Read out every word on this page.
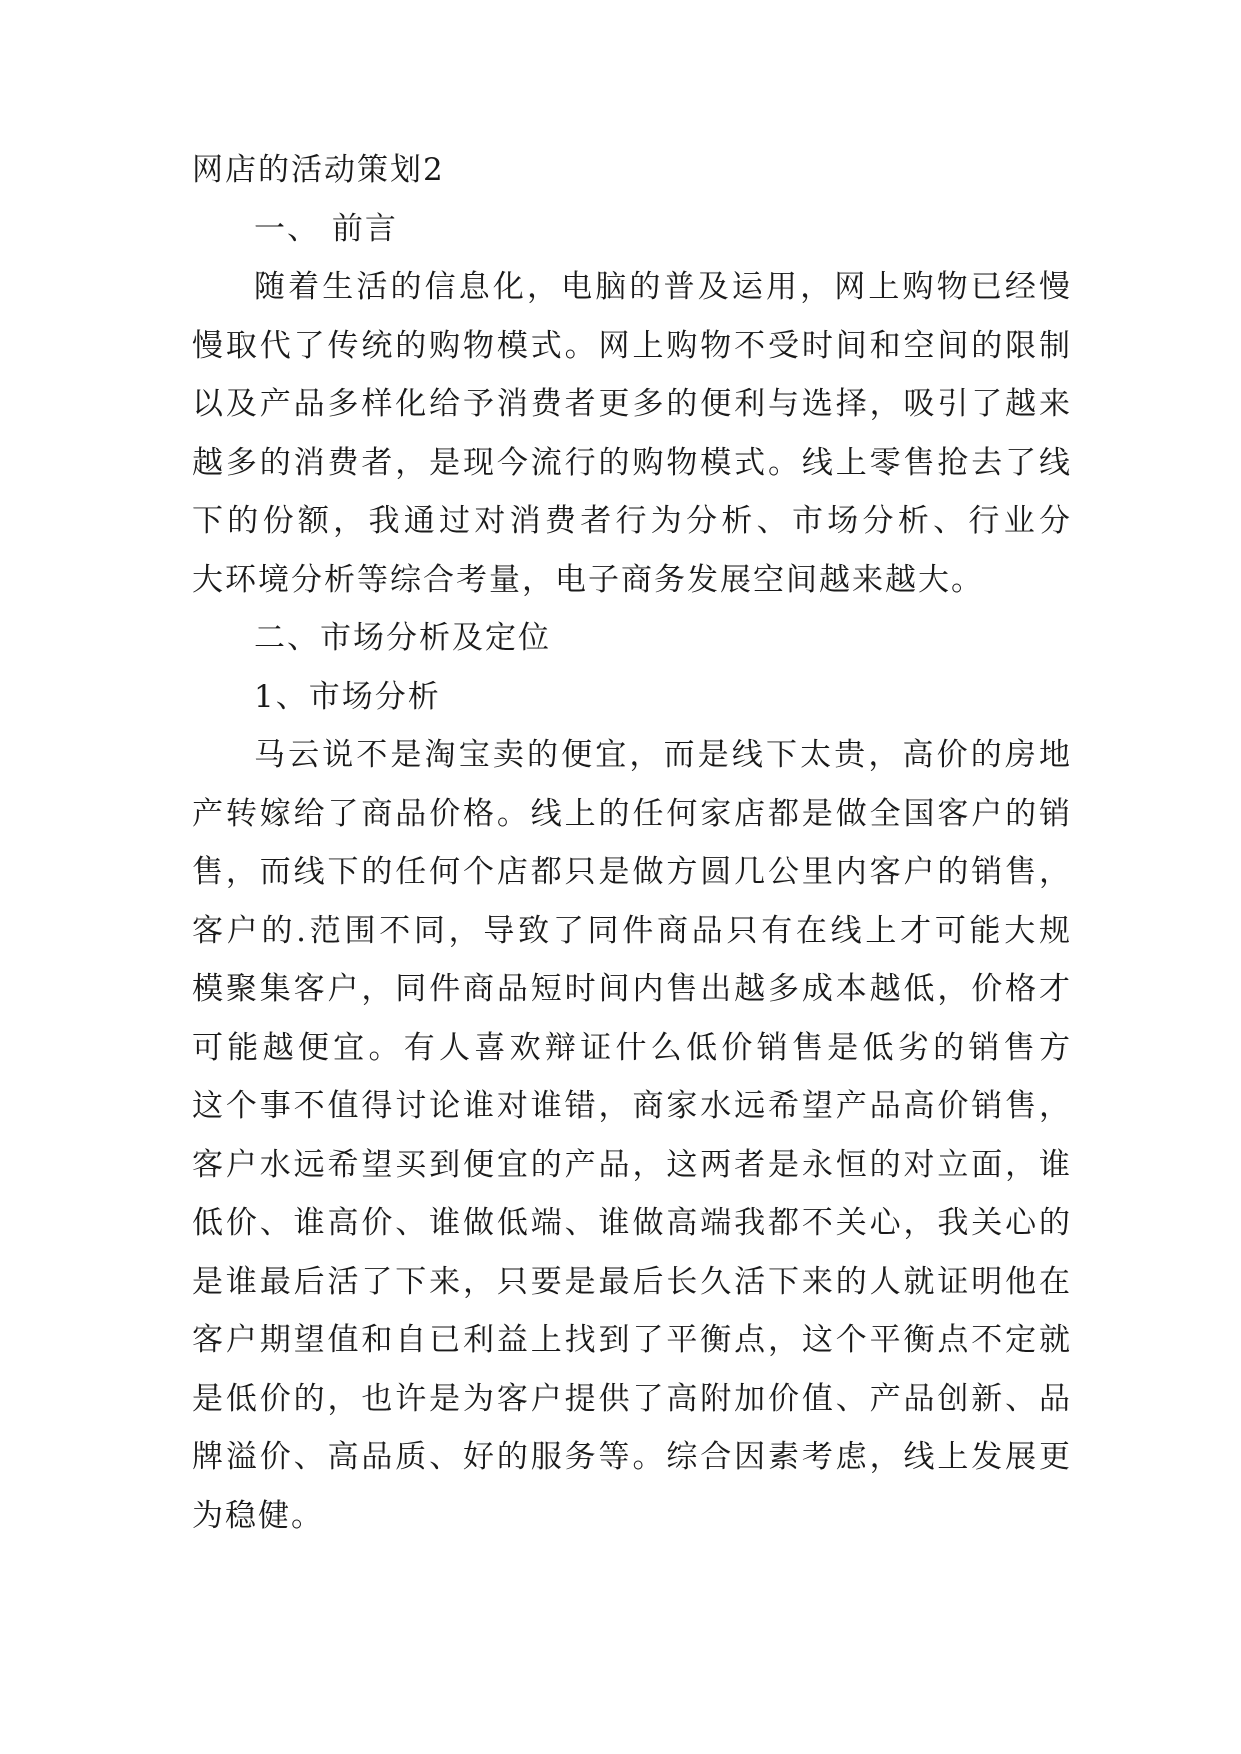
网店的活动策划2
一、 前言
随着生活的信息化，电脑的普及运用，网上购物已经慢
慢取代了传统的购物模式。网上购物不受时间和空间的限制
以及产品多样化给予消费者更多的便利与选择，吸引了越来
越多的消费者，是现今流行的购物模式。线上零售抢去了线
下的份额，我通过对消费者行为分析、市场分析、行业分
大环境分析等综合考量，电子商务发展空间越来越大。
二、市场分析及定位
1、市场分析
马云说不是淘宝卖的便宜，而是线下太贵，高价的房地
产转嫁给了商品价格。线上的任何家店都是做全国客户的销
售，而线下的任何个店都只是做方圆几公里内客户的销售，
客户的.范围不同，导致了同件商品只有在线上才可能大规
模聚集客户，同件商品短时间内售出越多成本越低，价格才
可能越便宜。有人喜欢辩证什么低价销售是低劣的销售方
这个事不值得讨论谁对谁错，商家水远希望产品高价销售，
客户水远希望买到便宜的产品，这两者是永恒的对立面，谁
低价、谁高价、谁做低端、谁做高端我都不关心，我关心的
是谁最后活了下来，只要是最后长久活下来的人就证明他在
客户期望值和自已利益上找到了平衡点，这个平衡点不定就
是低价的，也许是为客户提供了高附加价值、产品创新、品
牌溢价、高品质、好的服务等。综合因素考虑，线上发展更
为稳健。
